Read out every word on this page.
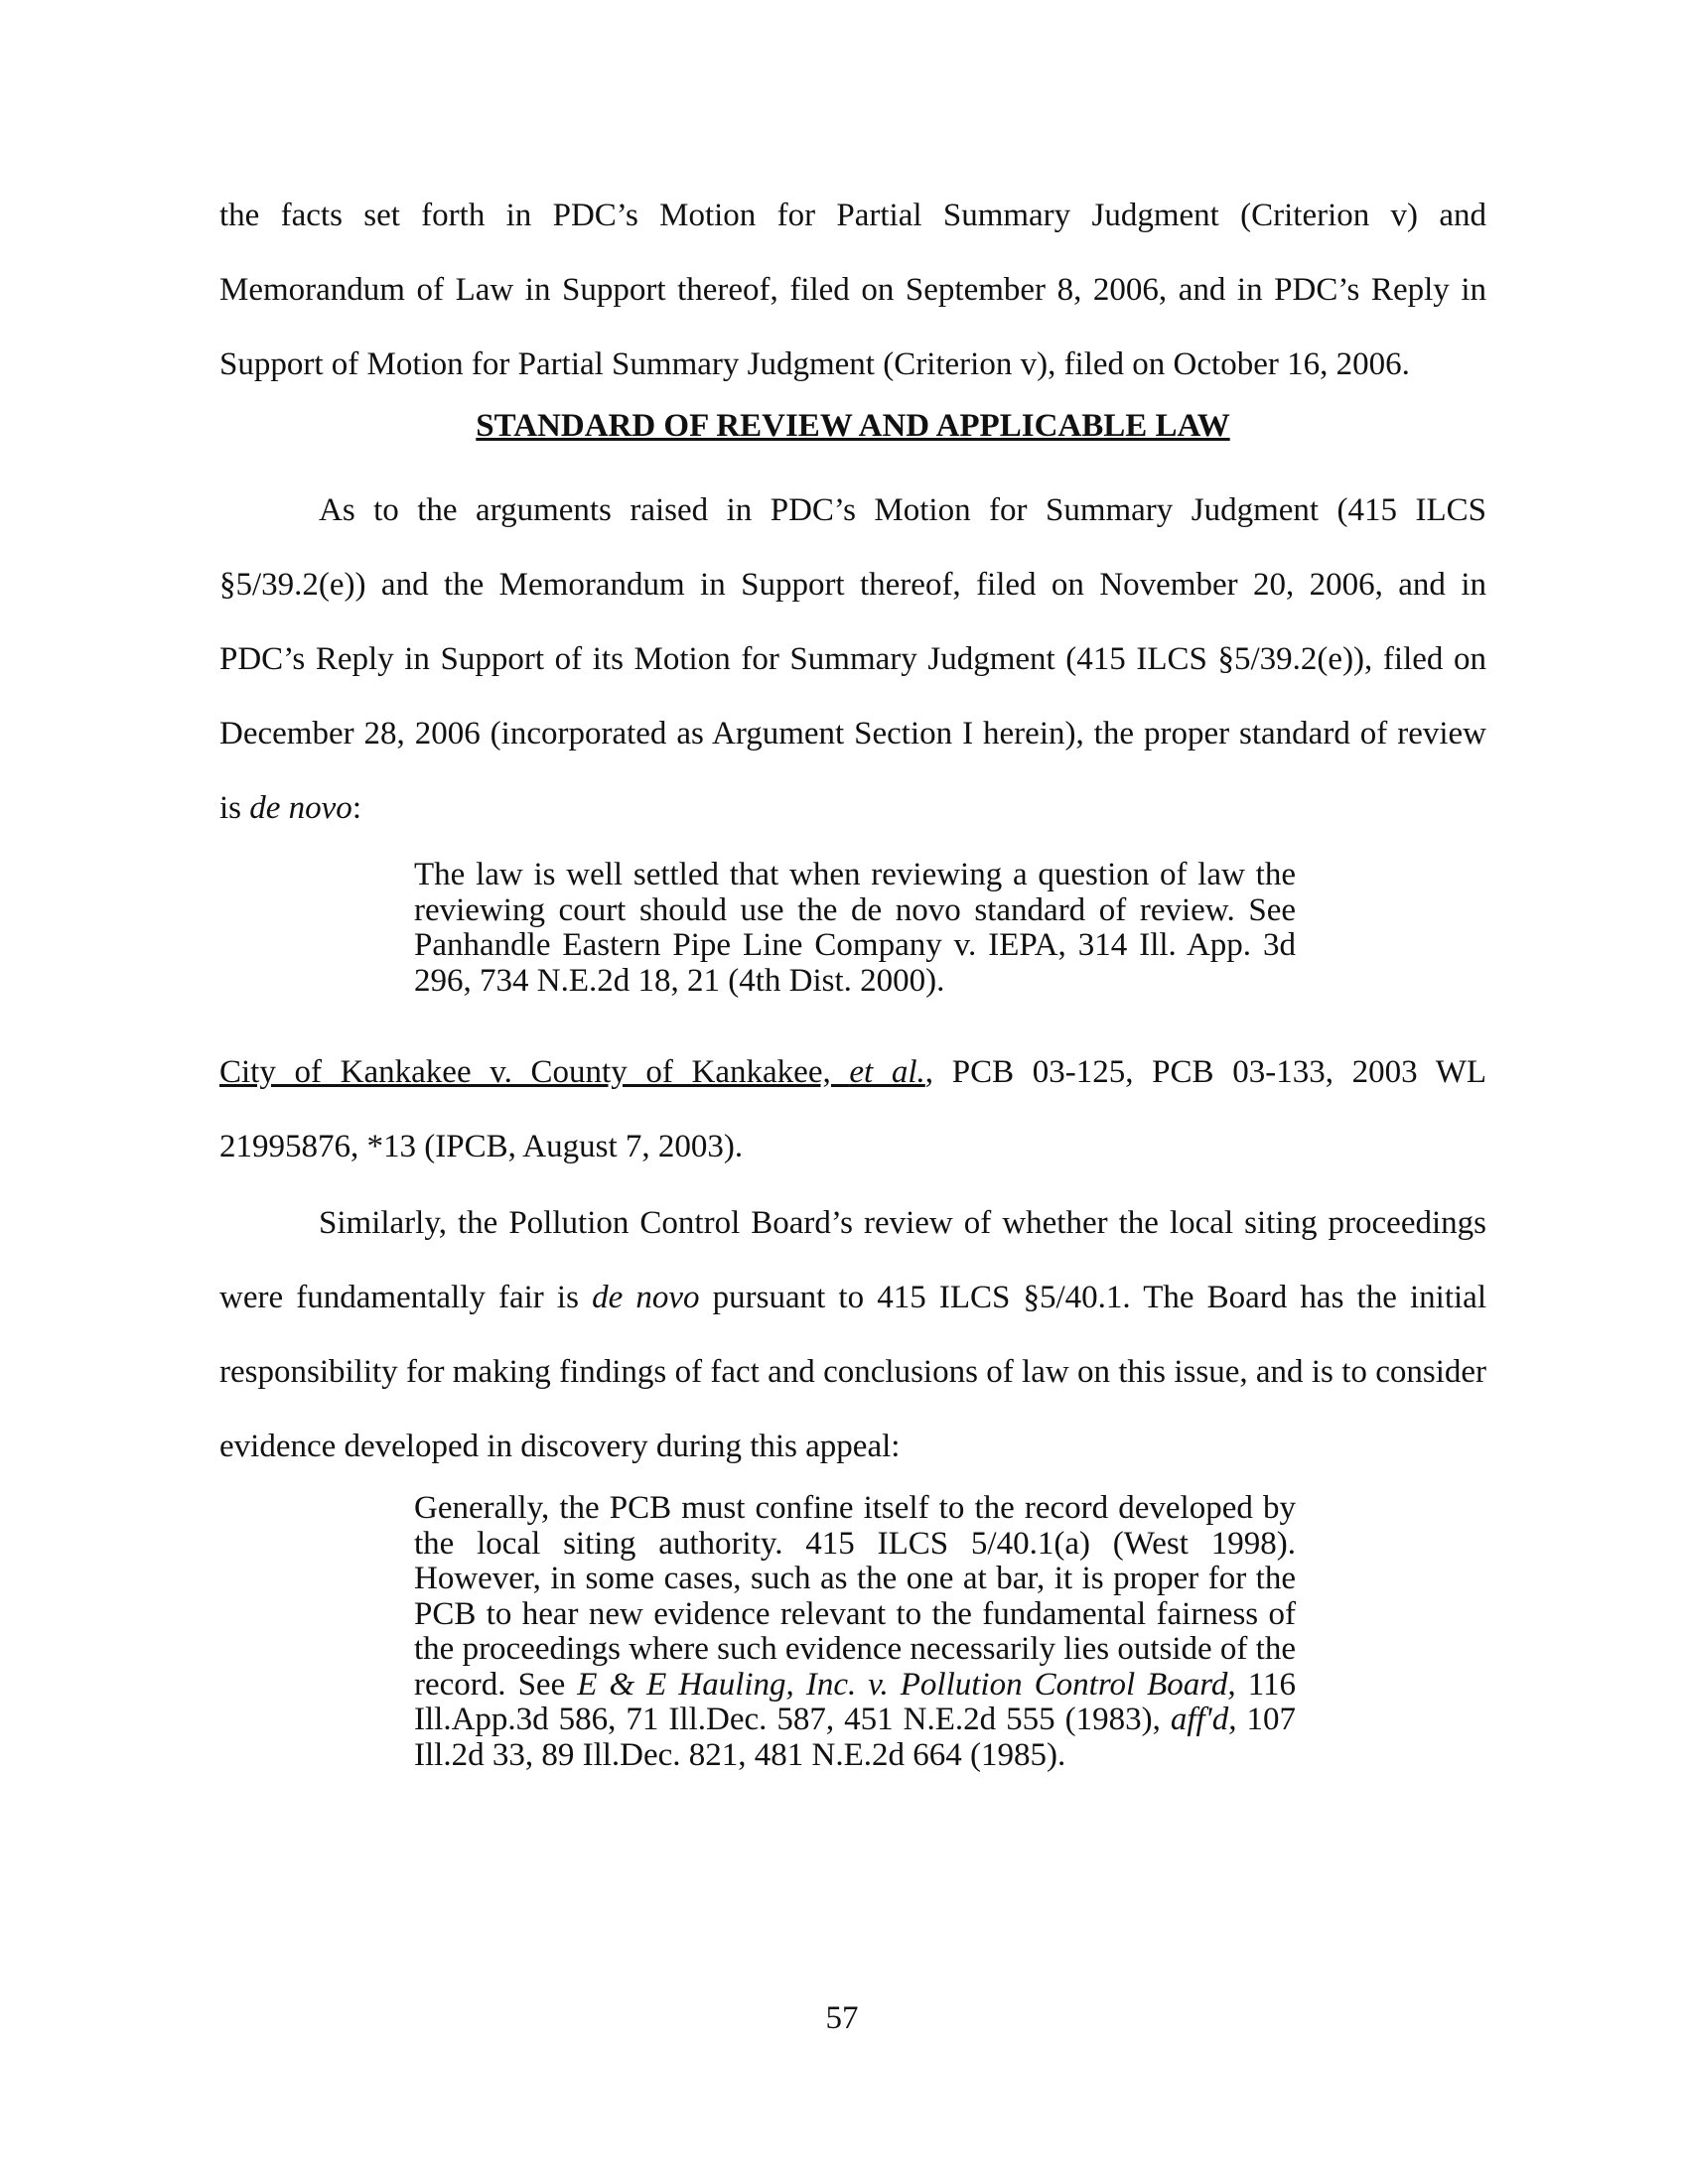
the facts set forth in PDC’s Motion for Partial Summary Judgment (Criterion v) and Memorandum of Law in Support thereof, filed on September 8, 2006, and in PDC’s Reply in Support of Motion for Partial Summary Judgment (Criterion v), filed on October 16, 2006.

STANDARD OF REVIEW AND APPLICABLE LAW

As to the arguments raised in PDC’s Motion for Summary Judgment (415 ILCS §5/39.2(e)) and the Memorandum in Support thereof, filed on November 20, 2006, and in PDC’s Reply in Support of its Motion for Summary Judgment (415 ILCS §5/39.2(e)), filed on December 28, 2006 (incorporated as Argument Section I herein), the proper standard of review is de novo:

The law is well settled that when reviewing a question of law the reviewing court should use the de novo standard of review. See Panhandle Eastern Pipe Line Company v. IEPA, 314 Ill. App. 3d 296, 734 N.E.2d 18, 21 (4th Dist. 2000).

City of Kankakee v. County of Kankakee, et al., PCB 03-125, PCB 03-133, 2003 WL 21995876, *13 (IPCB, August 7, 2003).

Similarly, the Pollution Control Board’s review of whether the local siting proceedings were fundamentally fair is de novo pursuant to 415 ILCS §5/40.1. The Board has the initial responsibility for making findings of fact and conclusions of law on this issue, and is to consider evidence developed in discovery during this appeal:

Generally, the PCB must confine itself to the record developed by the local siting authority. 415 ILCS 5/40.1(a) (West 1998). However, in some cases, such as the one at bar, it is proper for the PCB to hear new evidence relevant to the fundamental fairness of the proceedings where such evidence necessarily lies outside of the record. See E & E Hauling, Inc. v. Pollution Control Board, 116 Ill.App.3d 586, 71 Ill.Dec. 587, 451 N.E.2d 555 (1983), aff'd, 107 Ill.2d 33, 89 Ill.Dec. 821, 481 N.E.2d 664 (1985).

57
